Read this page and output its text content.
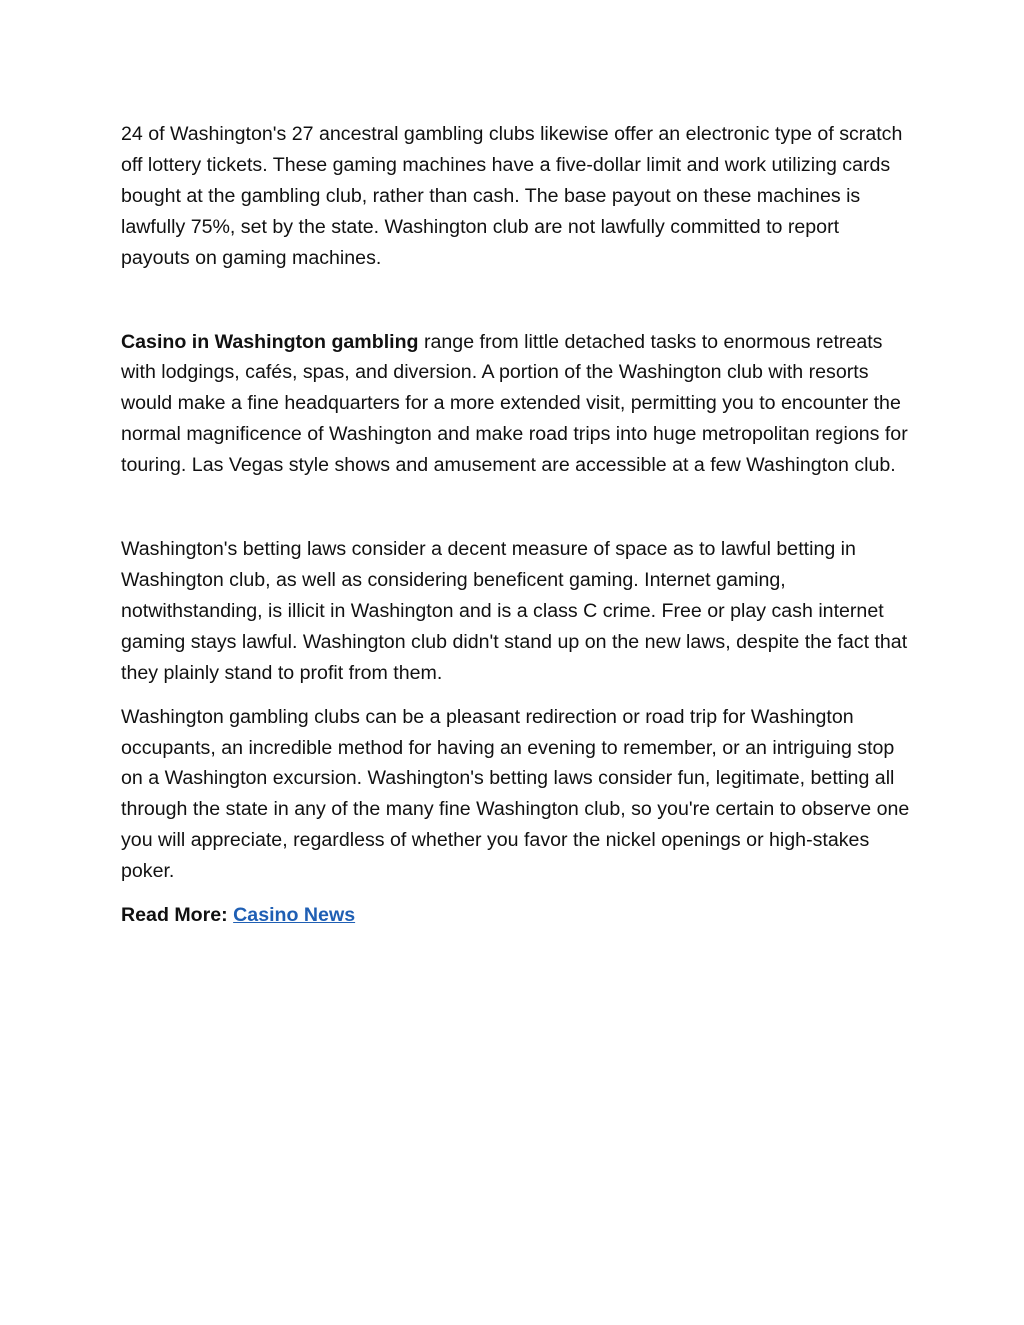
24 of Washington's 27 ancestral gambling clubs likewise offer an electronic type of scratch off lottery tickets. These gaming machines have a five-dollar limit and work utilizing cards bought at the gambling club, rather than cash. The base payout on these machines is lawfully 75%, set by the state. Washington club are not lawfully committed to report payouts on gaming machines.

Casino in Washington gambling range from little detached tasks to enormous retreats with lodgings, cafés, spas, and diversion. A portion of the Washington club with resorts would make a fine headquarters for a more extended visit, permitting you to encounter the normal magnificence of Washington and make road trips into huge metropolitan regions for touring. Las Vegas style shows and amusement are accessible at a few Washington club.

Washington's betting laws consider a decent measure of space as to lawful betting in Washington club, as well as considering beneficent gaming. Internet gaming, notwithstanding, is illicit in Washington and is a class C crime. Free or play cash internet gaming stays lawful. Washington club didn't stand up on the new laws, despite the fact that they plainly stand to profit from them.

Washington gambling clubs can be a pleasant redirection or road trip for Washington occupants, an incredible method for having an evening to remember, or an intriguing stop on a Washington excursion. Washington's betting laws consider fun, legitimate, betting all through the state in any of the many fine Washington club, so you're certain to observe one you will appreciate, regardless of whether you favor the nickel openings or high-stakes poker.

Read More: Casino News
